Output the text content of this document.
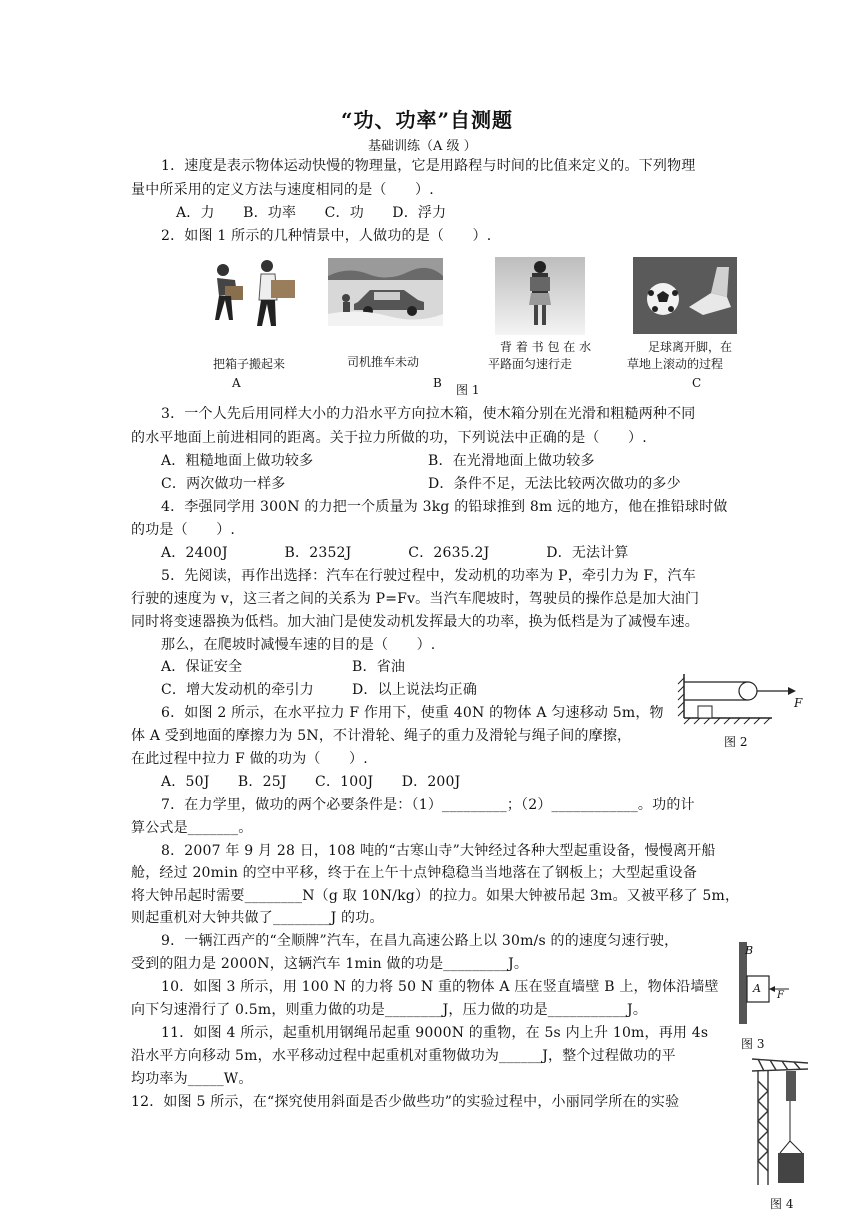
“功、功率”自测题
基础训练（A 级 ）
1．速度是表示物体运动快慢的物理量，它是用路程与时间的比值来定义的。下列物理
量中所采用的定义方法与速度相同的是（　　）.
A．力　　B．功率　　C．功　　D．浮力
2．如图 1 所示的几种情景中，人做功的是（　　）.
把箱子搬起来	司机推车未动
背 着 书 包 在 水
平路面匀速行走
足球离开脚，在
草地上滚动的过程
A	B 图 1	C
3．一个人先后用同样大小的力沿水平方向拉木箱，使木箱分别在光滑和粗糙两种不同
的水平地面上前进相同的距离。关于拉力所做的功，下列说法中正确的是（　　）.
A．粗糙地面上做功较多	B．在光滑地面上做功较多
C．两次做功一样多	D．条件不足，无法比较两次做功的多少
4．李强同学用 300N 的力把一个质量为 3kg 的铅球推到 8m 远的地方，他在推铅球时做
的功是（　　）.
A．2400J　　　　B．2352J　　　　C．2635.2J　　　　D．无法计算
5．先阅读，再作出选择：汽车在行驶过程中，发动机的功率为 P，牵引力为 F，汽车
行驶的速度为 v，这三者之间的关系为 P=Fv。当汽车爬坡时，驾驶员的操作总是加大油门
同时将变速器换为低档。加大油门是使发动机发挥最大的功率，换为低档是为了减慢车速。
那么，在爬坡时减慢车速的目的是（　　）.
A．保证安全	B．省油
C．增大发动机的牵引力	D．以上说法均正确
6．如图 2 所示，在水平拉力 F 作用下，使重 40N 的物体 A 匀速移动 5m，物
体 A 受到地面的摩擦力为 5N，不计滑轮、绳子的重力及滑轮与绳子间的摩擦，
在此过程中拉力 F 做的功为（　　）.
A．50J　　B．25J　　C．100J　　D．200J
F
图 2
7．在力学里，做功的两个必要条件是：（1）_________；（2）____________。功的计
算公式是_______。
8．2007 年 9 月 28 日，108 吨的“古寒山寺”大钟经过各种大型起重设备，慢慢离开船
舱，经过 20min 的空中平移，终于在上午十点钟稳稳当当地落在了钢板上；大型起重设备
将大钟吊起时需要________N（g 取 10N/kg）的拉力。如果大钟被吊起 3m。又被平移了 5m，
则起重机对大钟共做了________J 的功。
9．一辆江西产的“全顺牌”汽车，在昌九高速公路上以 30m/s 的的速度匀速行驶，
受到的阻力是 2000N，这辆汽车 1min 做的功是_________J。
10．如图 3 所示，用 100 N 的力将 50 N 重的物体 A 压在竖直墙壁 B 上，物体沿墙壁
向下匀速滑行了 0.5m，则重力做的功是________J，压力做的功是___________J。
B
A
F
图 3
11．如图 4 所示，起重机用钢绳吊起重 9000N 的重物，在 5s 内上升 10m，再用 4s
沿水平方向移动 5m，水平移动过程中起重机对重物做功为______J，整个过程做功的平
均功率为_____W。
图 4
12．如图 5 所示，在“探究使用斜面是否少做些功”的实验过程中，小丽同学所在的实验
